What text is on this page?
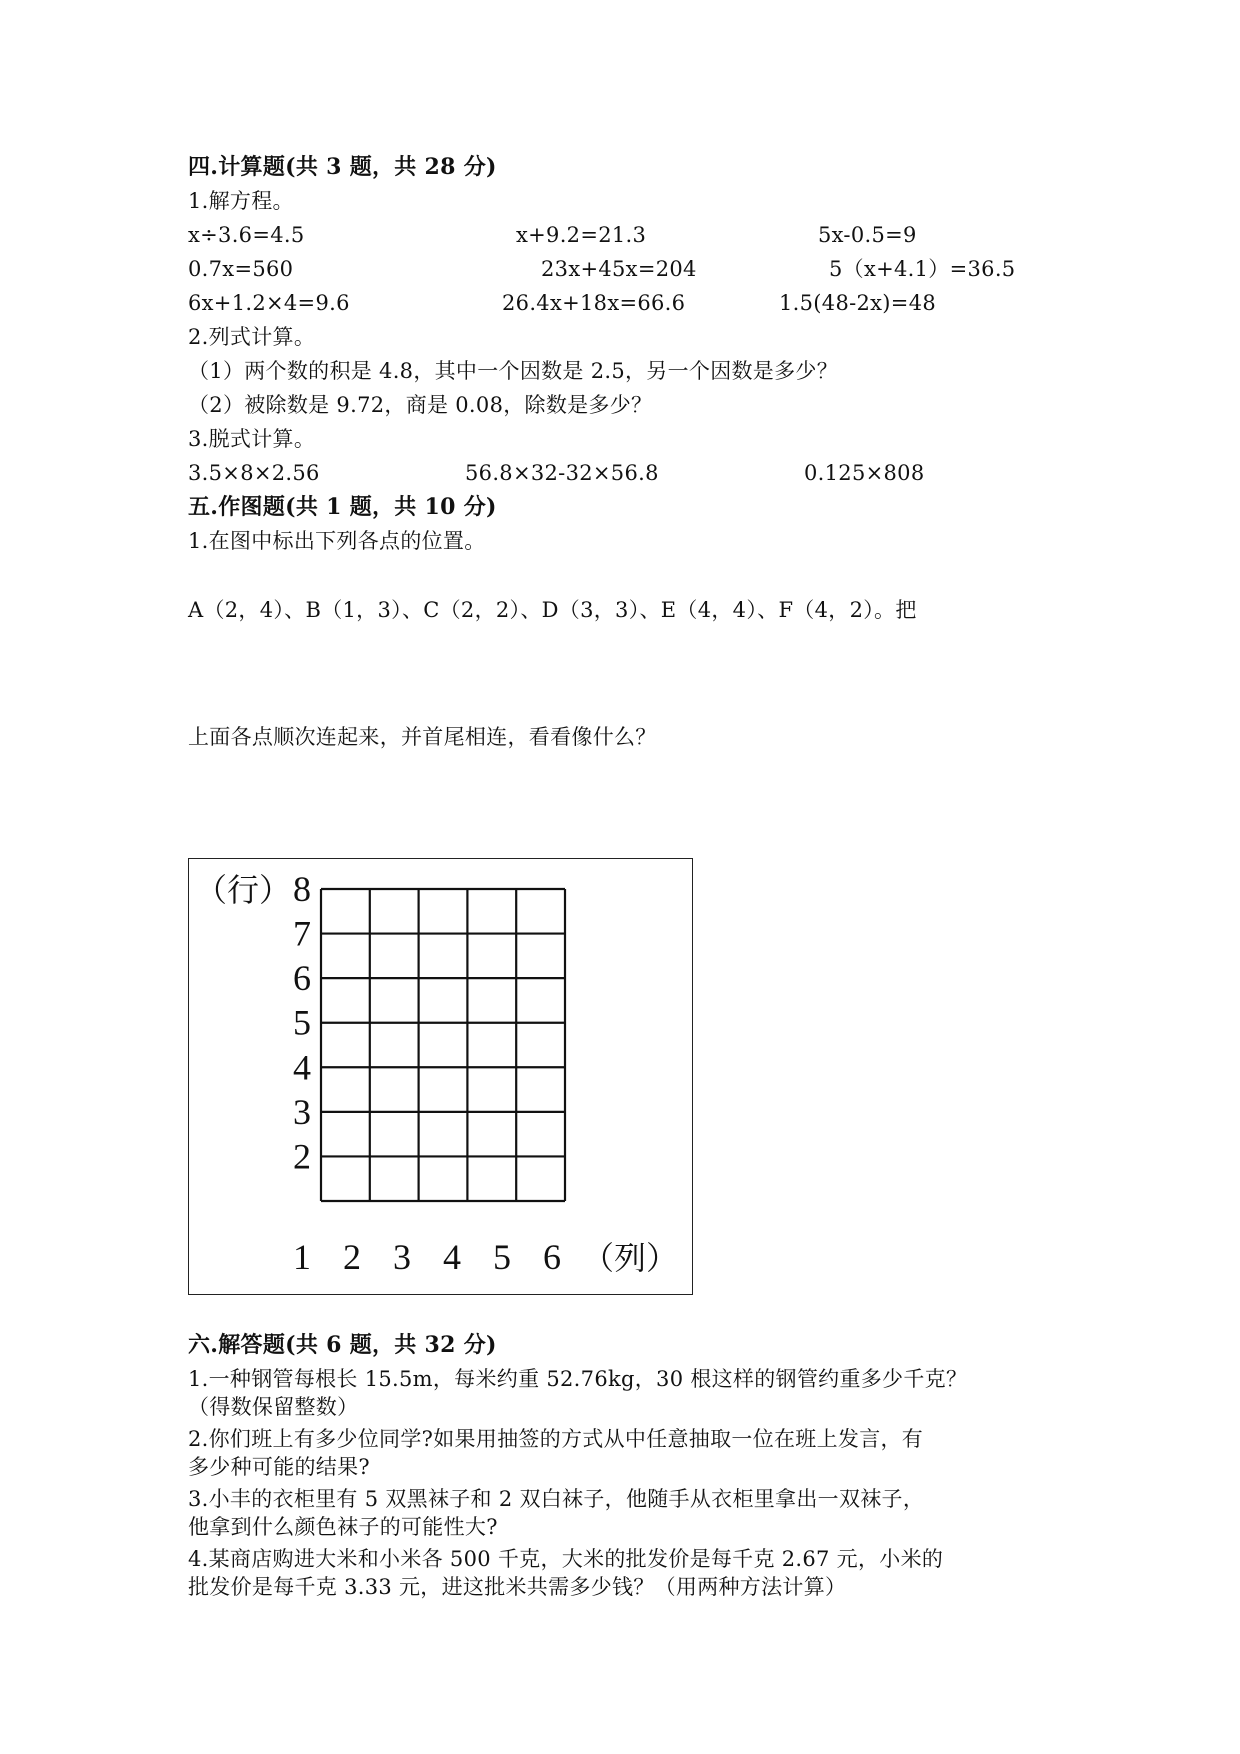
四.计算题(共 3 题，共 28 分)
1.解方程。
x÷3.6=4.5	x+9.2=21.3	5x-0.5=9
0.7x=560	23x+45x=204	5（x+4.1）=36.5
6x+1.2×4=9.6	26.4x+18x=66.6	1.5(48-2x)=48
2.列式计算。
（1）两个数的积是 4.8，其中一个因数是 2.5，另一个因数是多少？
（2）被除数是 9.72，商是 0.08，除数是多少？
3.脱式计算。
3.5×8×2.56	56.8×32-32×56.8	0.125×808
五.作图题(共 1 题，共 10 分)
1.在图中标出下列各点的位置。
A（2，4）、B（1，3）、C（2，2）、D（3，3）、E（4，4）、F（4，2）。把
上面各点顺次连起来，并首尾相连，看看像什么？
（行） 8
7
6
5
4
3
2
1 2 3 4 5 6 （列）
六.解答题(共 6 题，共 32 分)
1.一种钢管每根长 15.5m，每米约重 52.76kg，30 根这样的钢管约重多少千克？
（得数保留整数）
2.你们班上有多少位同学?如果用抽签的方式从中任意抽取一位在班上发言，有
多少种可能的结果?
3.小丰的衣柜里有 5 双黑袜子和 2 双白袜子，他随手从衣柜里拿出一双袜子，
他拿到什么颜色袜子的可能性大?
4.某商店购进大米和小米各 500 千克，大米的批发价是每千克 2.67 元，小米的
批发价是每千克 3.33 元，进这批米共需多少钱？（用两种方法计算）
